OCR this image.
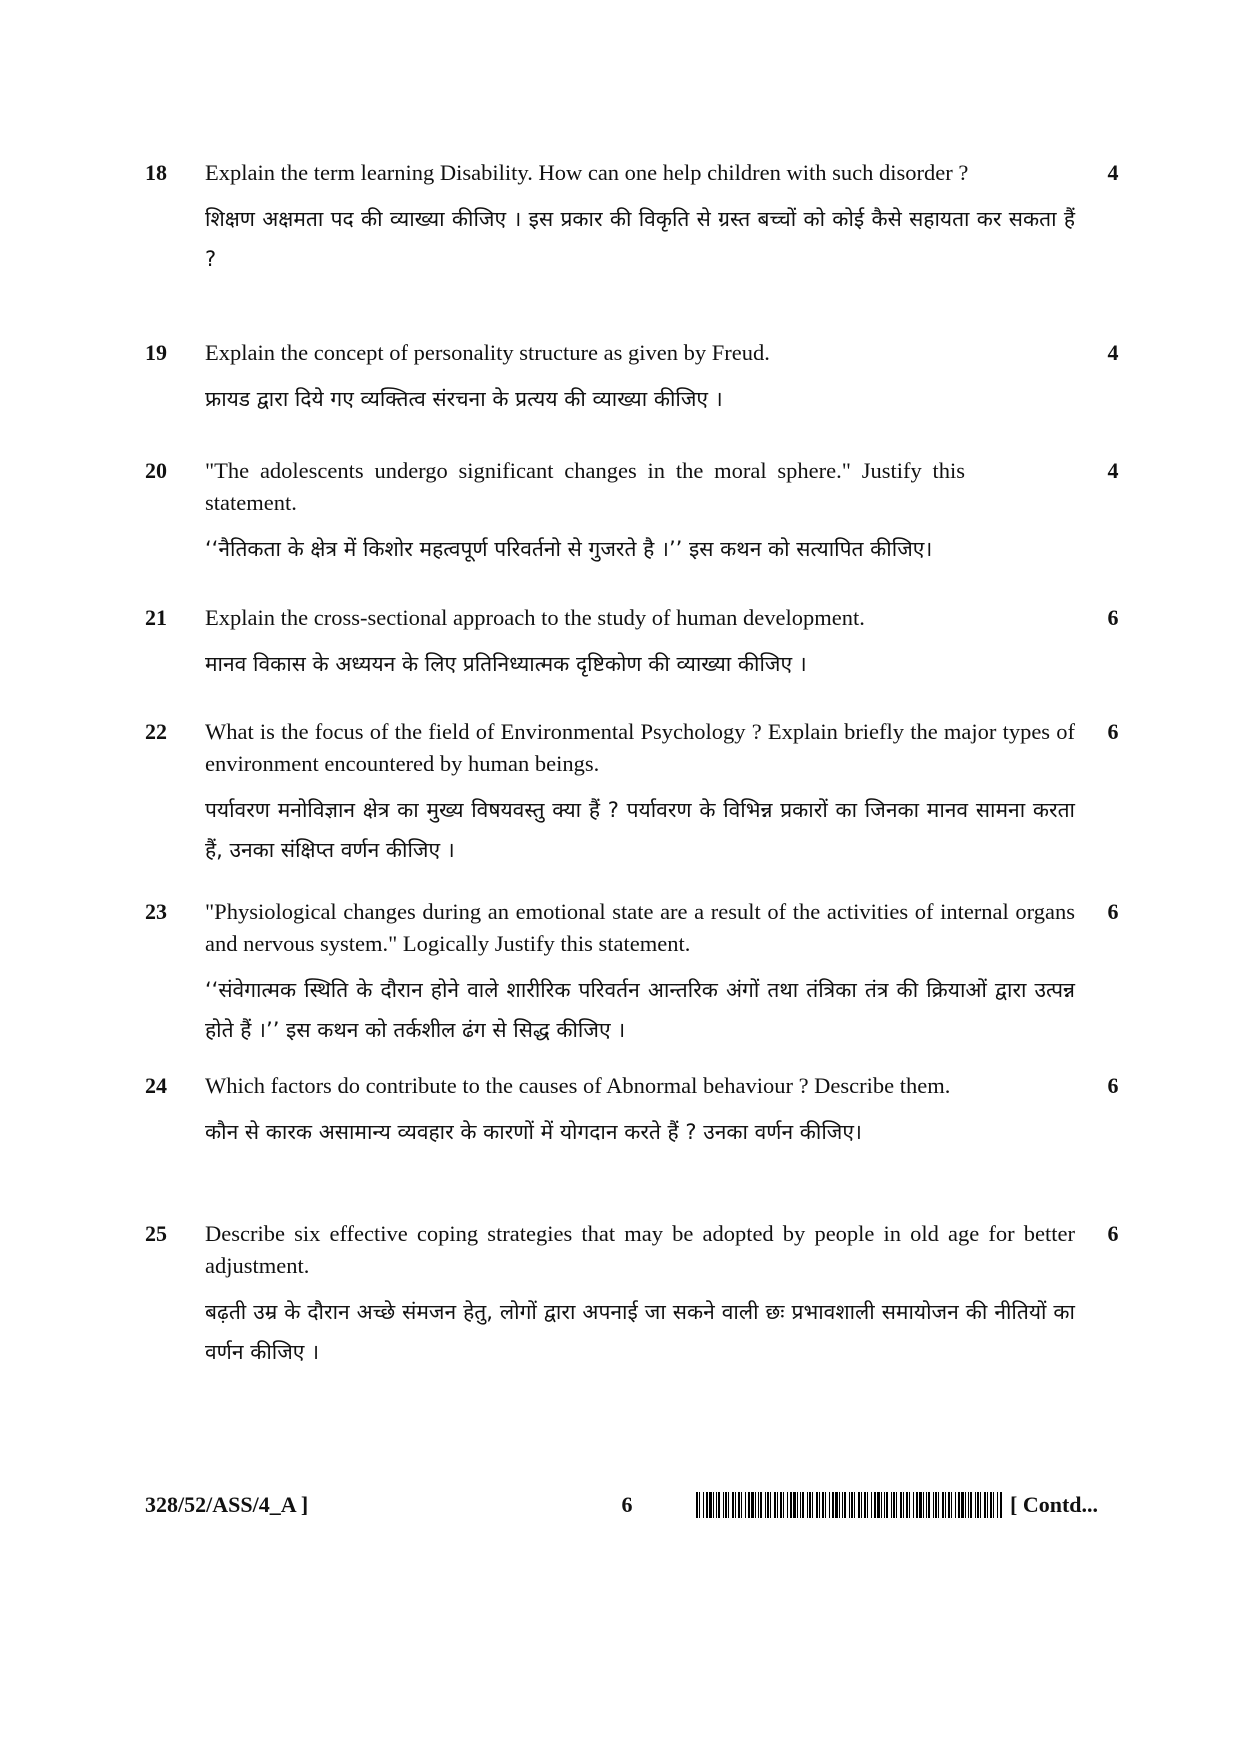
18 Explain the term learning Disability. How can one help children with such disorder ?

शिक्षण अक्षमता पद की व्याख्या कीजिए । इस प्रकार की विकृति से ग्रस्त बच्चों को कोई कैसे सहायता कर सकता हैं ?

4
19 Explain the concept of personality structure as given by Freud.

फ्रायड द्वारा दिये गए व्यक्तित्व संरचना के प्रत्यय की व्याख्या कीजिए ।

4
20 "The adolescents undergo significant changes in the moral sphere." Justify this statement.

‘‘नैतिकता के क्षेत्र में किशोर महत्वपूर्ण परिवर्तनो से गुजरते है ।’’ इस कथन को सत्यापित कीजिए।

4
21 Explain the cross-sectional approach to the study of human development.

मानव विकास के अध्ययन के लिए प्रतिनिध्यात्मक दृष्टिकोण की व्याख्या कीजिए ।

6
22 What is the focus of the field of Environmental Psychology ? Explain briefly the major types of environment encountered by human beings.

पर्यावरण मनोविज्ञान क्षेत्र का मुख्य विषयवस्तु क्या हैं ? पर्यावरण के विभिन्न प्रकारों का जिनका मानव सामना करता हैं, उनका संक्षिप्त वर्णन कीजिए ।

6
23 "Physiological changes during an emotional state are a result of the activities of internal organs and nervous system." Logically Justify this statement.

‘‘संवेगात्मक स्थिति के दौरान होने वाले शारीरिक परिवर्तन आन्तरिक अंगों तथा तंत्रिका तंत्र की क्रियाओं द्वारा उत्पन्न होते हैं ।’’ इस कथन को तर्कशील ढंग से सिद्ध कीजिए ।

6
24 Which factors do contribute to the causes of Abnormal behaviour ? Describe them.

कौन से कारक असामान्य व्यवहार के कारणों में योगदान करते हैं ? उनका वर्णन कीजिए।

6
25 Describe six effective coping strategies that may be adopted by people in old age for better adjustment.

बढ़ती उम्र के दौरान अच्छे संमजन हेतु, लोगों द्वारा अपनाई जा सकने वाली छः प्रभावशाली समायोजन की नीतियों का वर्णन कीजिए ।

6
328/52/ASS/4_A ]	6	[ Contd...
